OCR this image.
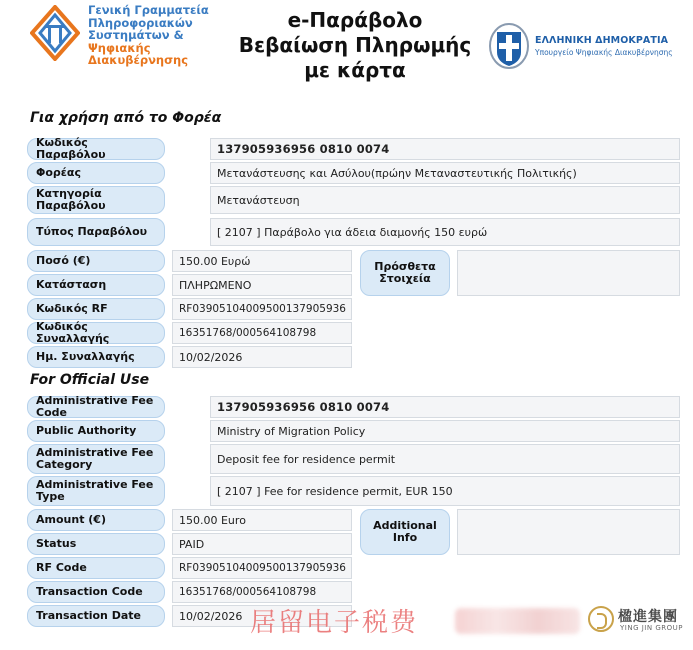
Γενική Γραμματεία
Πληροφοριακών
Συστημάτων &
Ψηφιακής Διακυβέρνησης
e-Παράβολο
Βεβαίωση Πληρωμής
με κάρτα
ΕΛΛΗΝΙΚΗ ΔΗΜΟΚΡΑΤΙΑ
Υπουργείο Ψηφιακής Διακυβέρνησης
Για χρήση από το Φορέα
Κωδικός Παραβόλου	137905936956 0810 0074
Φορέας	Μετανάστευσης και Ασύλου(πρώην Μεταναστευτικής Πολιτικής)
Κατηγορία Παραβόλου	Μετανάστευση
Τύπος Παραβόλου	[ 2107 ] Παράβολο για άδεια διαμονής 150 ευρώ
Ποσό (€)	150.00 Ευρώ
Κατάσταση	ΠΛΗΡΩΜΕΝΟ
Κωδικός RF	RF03905104009500137905936
Κωδικός Συναλλαγής	16351768/000564108798
Ημ. Συναλλαγής	10/02/2026
Πρόσθετα Στοιχεία
For Official Use
Administrative Fee Code	137905936956 0810 0074
Public Authority	Ministry of Migration Policy
Administrative Fee Category	Deposit fee for residence permit
Administrative Fee Type	[ 2107 ] Fee for residence permit, EUR 150
Amount (€)	150.00 Euro
Status	PAID
RF Code	RF03905104009500137905936
Transaction Code	16351768/000564108798
Transaction Date	10/02/2026
Additional Info
居留电子税费	楹進集團
YING JIN GROUP
